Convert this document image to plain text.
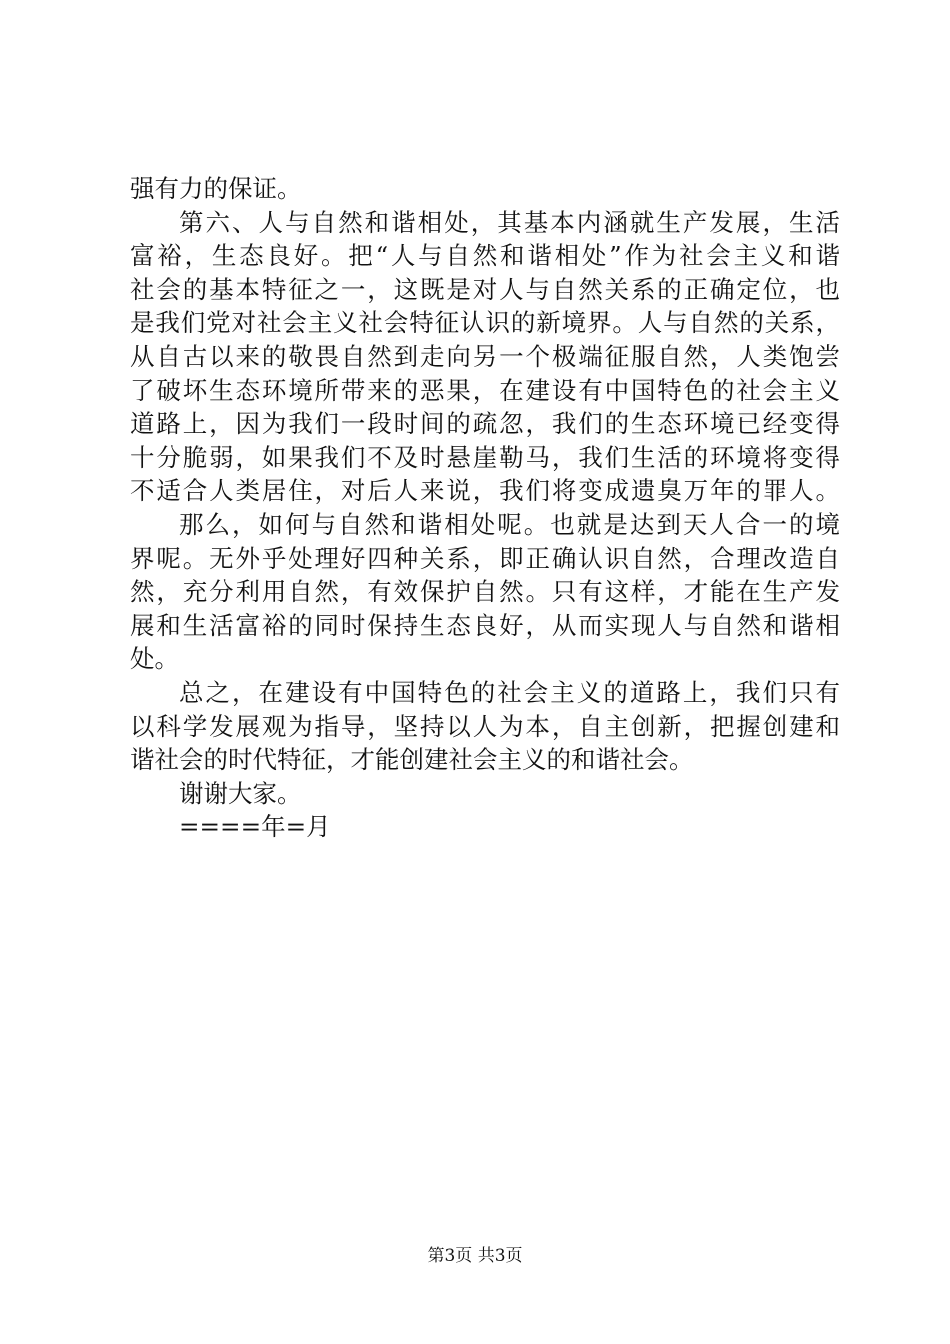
强有力的保证。
第六、人与自然和谐相处，其基本内涵就生产发展，生活
富裕，生态良好。把“人与自然和谐相处”作为社会主义和谐
社会的基本特征之一，这既是对人与自然关系的正确定位，也
是我们党对社会主义社会特征认识的新境界。人与自然的关系，
从自古以来的敬畏自然到走向另一个极端征服自然，人类饱尝
了破坏生态环境所带来的恶果，在建设有中国特色的社会主义
道路上，因为我们一段时间的疏忽，我们的生态环境已经变得
十分脆弱，如果我们不及时悬崖勒马，我们生活的环境将变得
不适合人类居住，对后人来说，我们将变成遗臭万年的罪人。
那么，如何与自然和谐相处呢。也就是达到天人合一的境
界呢。无外乎处理好四种关系，即正确认识自然，合理改造自
然，充分利用自然，有效保护自然。只有这样，才能在生产发
展和生活富裕的同时保持生态良好，从而实现人与自然和谐相
处。
总之，在建设有中国特色的社会主义的道路上，我们只有
以科学发展观为指导，坚持以人为本，自主创新，把握创建和
谐社会的时代特征，才能创建社会主义的和谐社会。
谢谢大家。
====年=月
第3页 共3页
